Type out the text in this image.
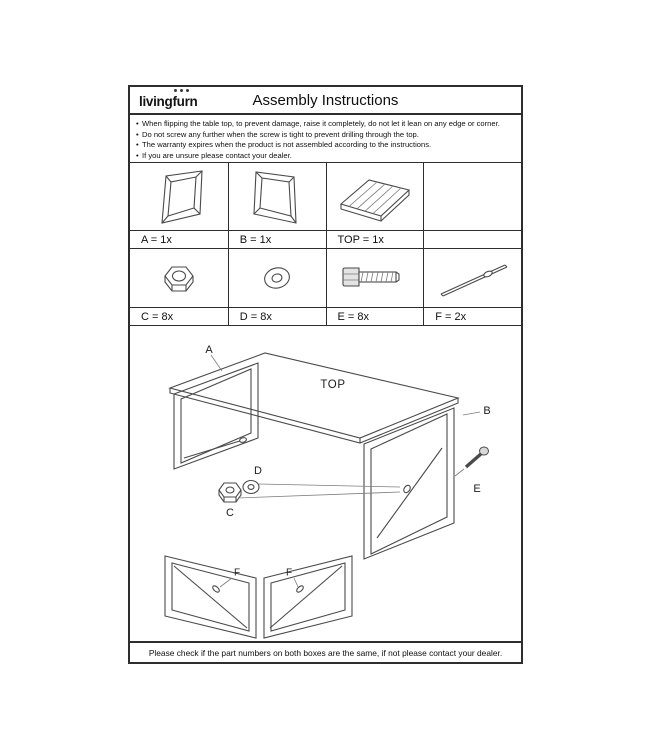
livingfurn	Assembly Instructions
• When flipping the table top, to prevent damage, raise it completely, do not let it lean on any edge or corner.
• Do not screw any further when the screw is tight to prevent drilling through the top.
• The warranty expires when the product is not assembled according to the instructions.
• If you are unsure please contact your dealer.
A = 1x	B = 1x	TOP = 1x
C = 8x	D = 8x	E = 8x	F = 2x
A
TOP
B
E
D
C
F	F
Please check if the part numbers on both boxes are the same, if not please contact your dealer.
